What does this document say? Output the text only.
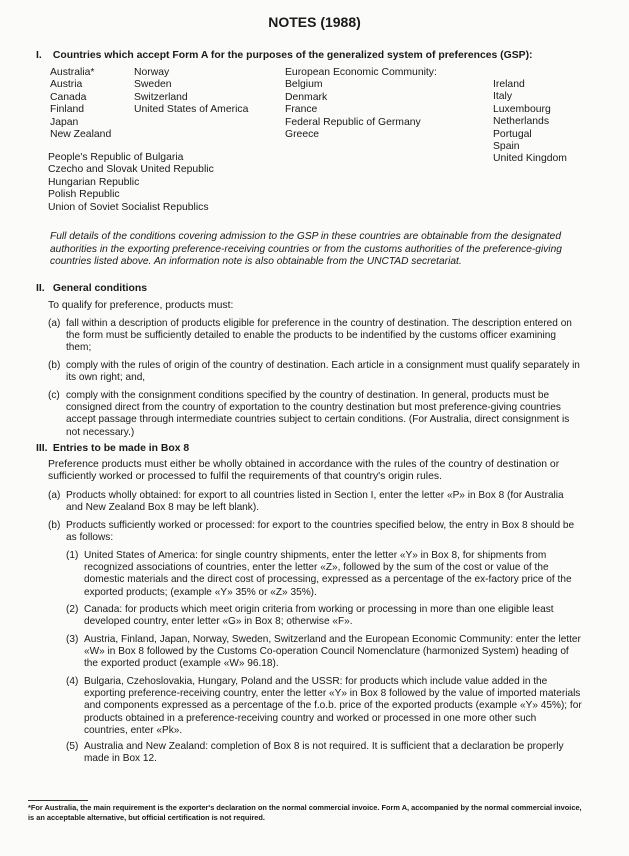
NOTES (1988)
I. Countries which accept Form A for the purposes of the generalized system of preferences (GSP):
Australia*
Austria
Canada
Finland
Japan
New Zealand
Norway
Sweden
Switzerland
United States of America
European Economic Community:
Belgium
Denmark
France
Federal Republic of Germany
Greece
Ireland
Italy
Luxembourg
Netherlands
Portugal
Spain
United Kingdom
People's Republic of Bulgaria
Czecho and Slovak United Republic
Hungarian Republic
Polish Republic
Union of Soviet Socialist Republics
Full details of the conditions covering admission to the GSP in these countries are obtainable from the designated authorities in the exporting preference-receiving countries or from the customs authorities of the preference-giving countries listed above. An information note is also obtainable from the UNCTAD secretariat.
II. General conditions
To qualify for preference, products must:
(a) fall within a description of products eligible for preference in the country of destination. The description entered on the form must be sufficiently detailed to enable the products to be indentified by the customs officer examining them;
(b) comply with the rules of origin of the country of destination. Each article in a consignment must qualify separately in its own right; and,
(c) comply with the consignment conditions specified by the country of destination. In general, products must be consigned direct from the country of exportation to the country destination but most preference-giving countries accept passage through intermediate countries subject to certain conditions. (For Australia, direct consignment is not necessary.)
III. Entries to be made in Box 8
Preference products must either be wholly obtained in accordance with the rules of the country of destination or sufficiently worked or processed to fulfil the requirements of that country's origin rules.
(a) Products wholly obtained: for export to all countries listed in Section I, enter the letter «P» in Box 8 (for Australia and New Zealand Box 8 may be left blank).
(b) Products sufficiently worked or processed: for export to the countries specified below, the entry in Box 8 should be as follows:
(1) United States of America: for single country shipments, enter the letter «Y» in Box 8, for shipments from recognized associations of countries, enter the letter «Z», followed by the sum of the cost or value of the domestic materials and the direct cost of processing, expressed as a percentage of the ex-factory price of the exported products; (example «Y» 35% or «Z» 35%).
(2) Canada: for products which meet origin criteria from working or processing in more than one eligible least developed country, enter letter «G» in Box 8; otherwise «F».
(3) Austria, Finland, Japan, Norway, Sweden, Switzerland and the European Economic Community: enter the letter «W» in Box 8 followed by the Customs Co-operation Council Nomenclature (harmonized System) heading of the exported product (example «W» 96.18).
(4) Bulgaria, Czehoslovakia, Hungary, Poland and the USSR: for products which include value added in the exporting preference-receiving country, enter the letter «Y» in Box 8 followed by the value of imported materials and components expressed as a percentage of the f.o.b. price of the exported products (example «Y» 45%); for products obtained in a preference-receiving country and worked or processed in one more other such countries, enter «Pk».
(5) Australia and New Zealand: completion of Box 8 is not required. It is sufficient that a declaration be properly made in Box 12.
*For Australia, the main requirement is the exporter's declaration on the normal commercial invoice. Form A, accompanied by the normal commercial invoice, is an acceptable alternative, but official certification is not required.
